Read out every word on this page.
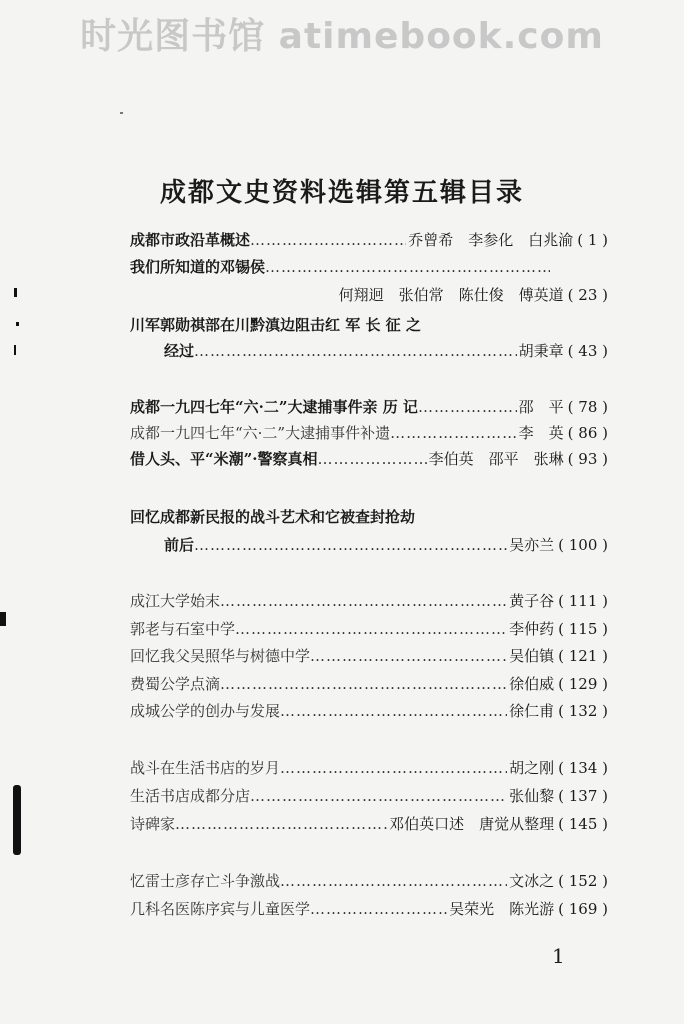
时光图书馆 atimebook.com
成都文史资料选辑第五辑目录
成都市政沿革概述 ……………………………………………………………………………………………	乔曾希　李参化　白兆渝 ( 1 )
我们所知道的邓锡侯
……………………………………………………………………………………………
何翔迥　张伯常　陈仕俊　傅英道 ( 23 )
川军郭勋祺部在川黔滇边阻击红 军 长 征 之
经过 ……………………………………………………………………………………………	胡秉章 ( 43 )
成都一九四七年“六·二”大逮捕事件亲 历 记 ……………………………………………………………………………………………	邵　平 ( 78 )
成都一九四七年“六·二”大逮捕事件补遗 ……………………………………………………………………………………………	李　英 ( 86 )
借人头、平“米潮”·警察真相 ……………………………………………………………………………………………	李伯英　邵平　张琳 ( 93 )
回忆成都新民报的战斗艺术和它被查封抢劫
前后 ……………………………………………………………………………………………	吴亦兰 ( 100 )
成江大学始末 ……………………………………………………………………………………………	黄子谷 ( 111 )
郭老与石室中学 ……………………………………………………………………………………………	李仲药 ( 115 )
回忆我父吴照华与树德中学 ……………………………………………………………………………………………	吴伯镇 ( 121 )
费蜀公学点滴 ……………………………………………………………………………………………	徐伯威 ( 129 )
成城公学的创办与发展 ……………………………………………………………………………………………	徐仁甫 ( 132 )
战斗在生活书店的岁月 ……………………………………………………………………………………………	胡之刚 ( 134 )
生活书店成都分店 ……………………………………………………………………………………………	张仙黎 ( 137 )
诗碑家 ……………………………………………………………………………………………	邓伯英口述　唐觉从整理 ( 145 )
忆雷士彦存亡斗争激战 ……………………………………………………………………………………………	文冰之 ( 152 )
几科名医陈序宾与儿童医学 ……………………………………………………………………………………………	吴荣光　陈光游 ( 169 )
1
